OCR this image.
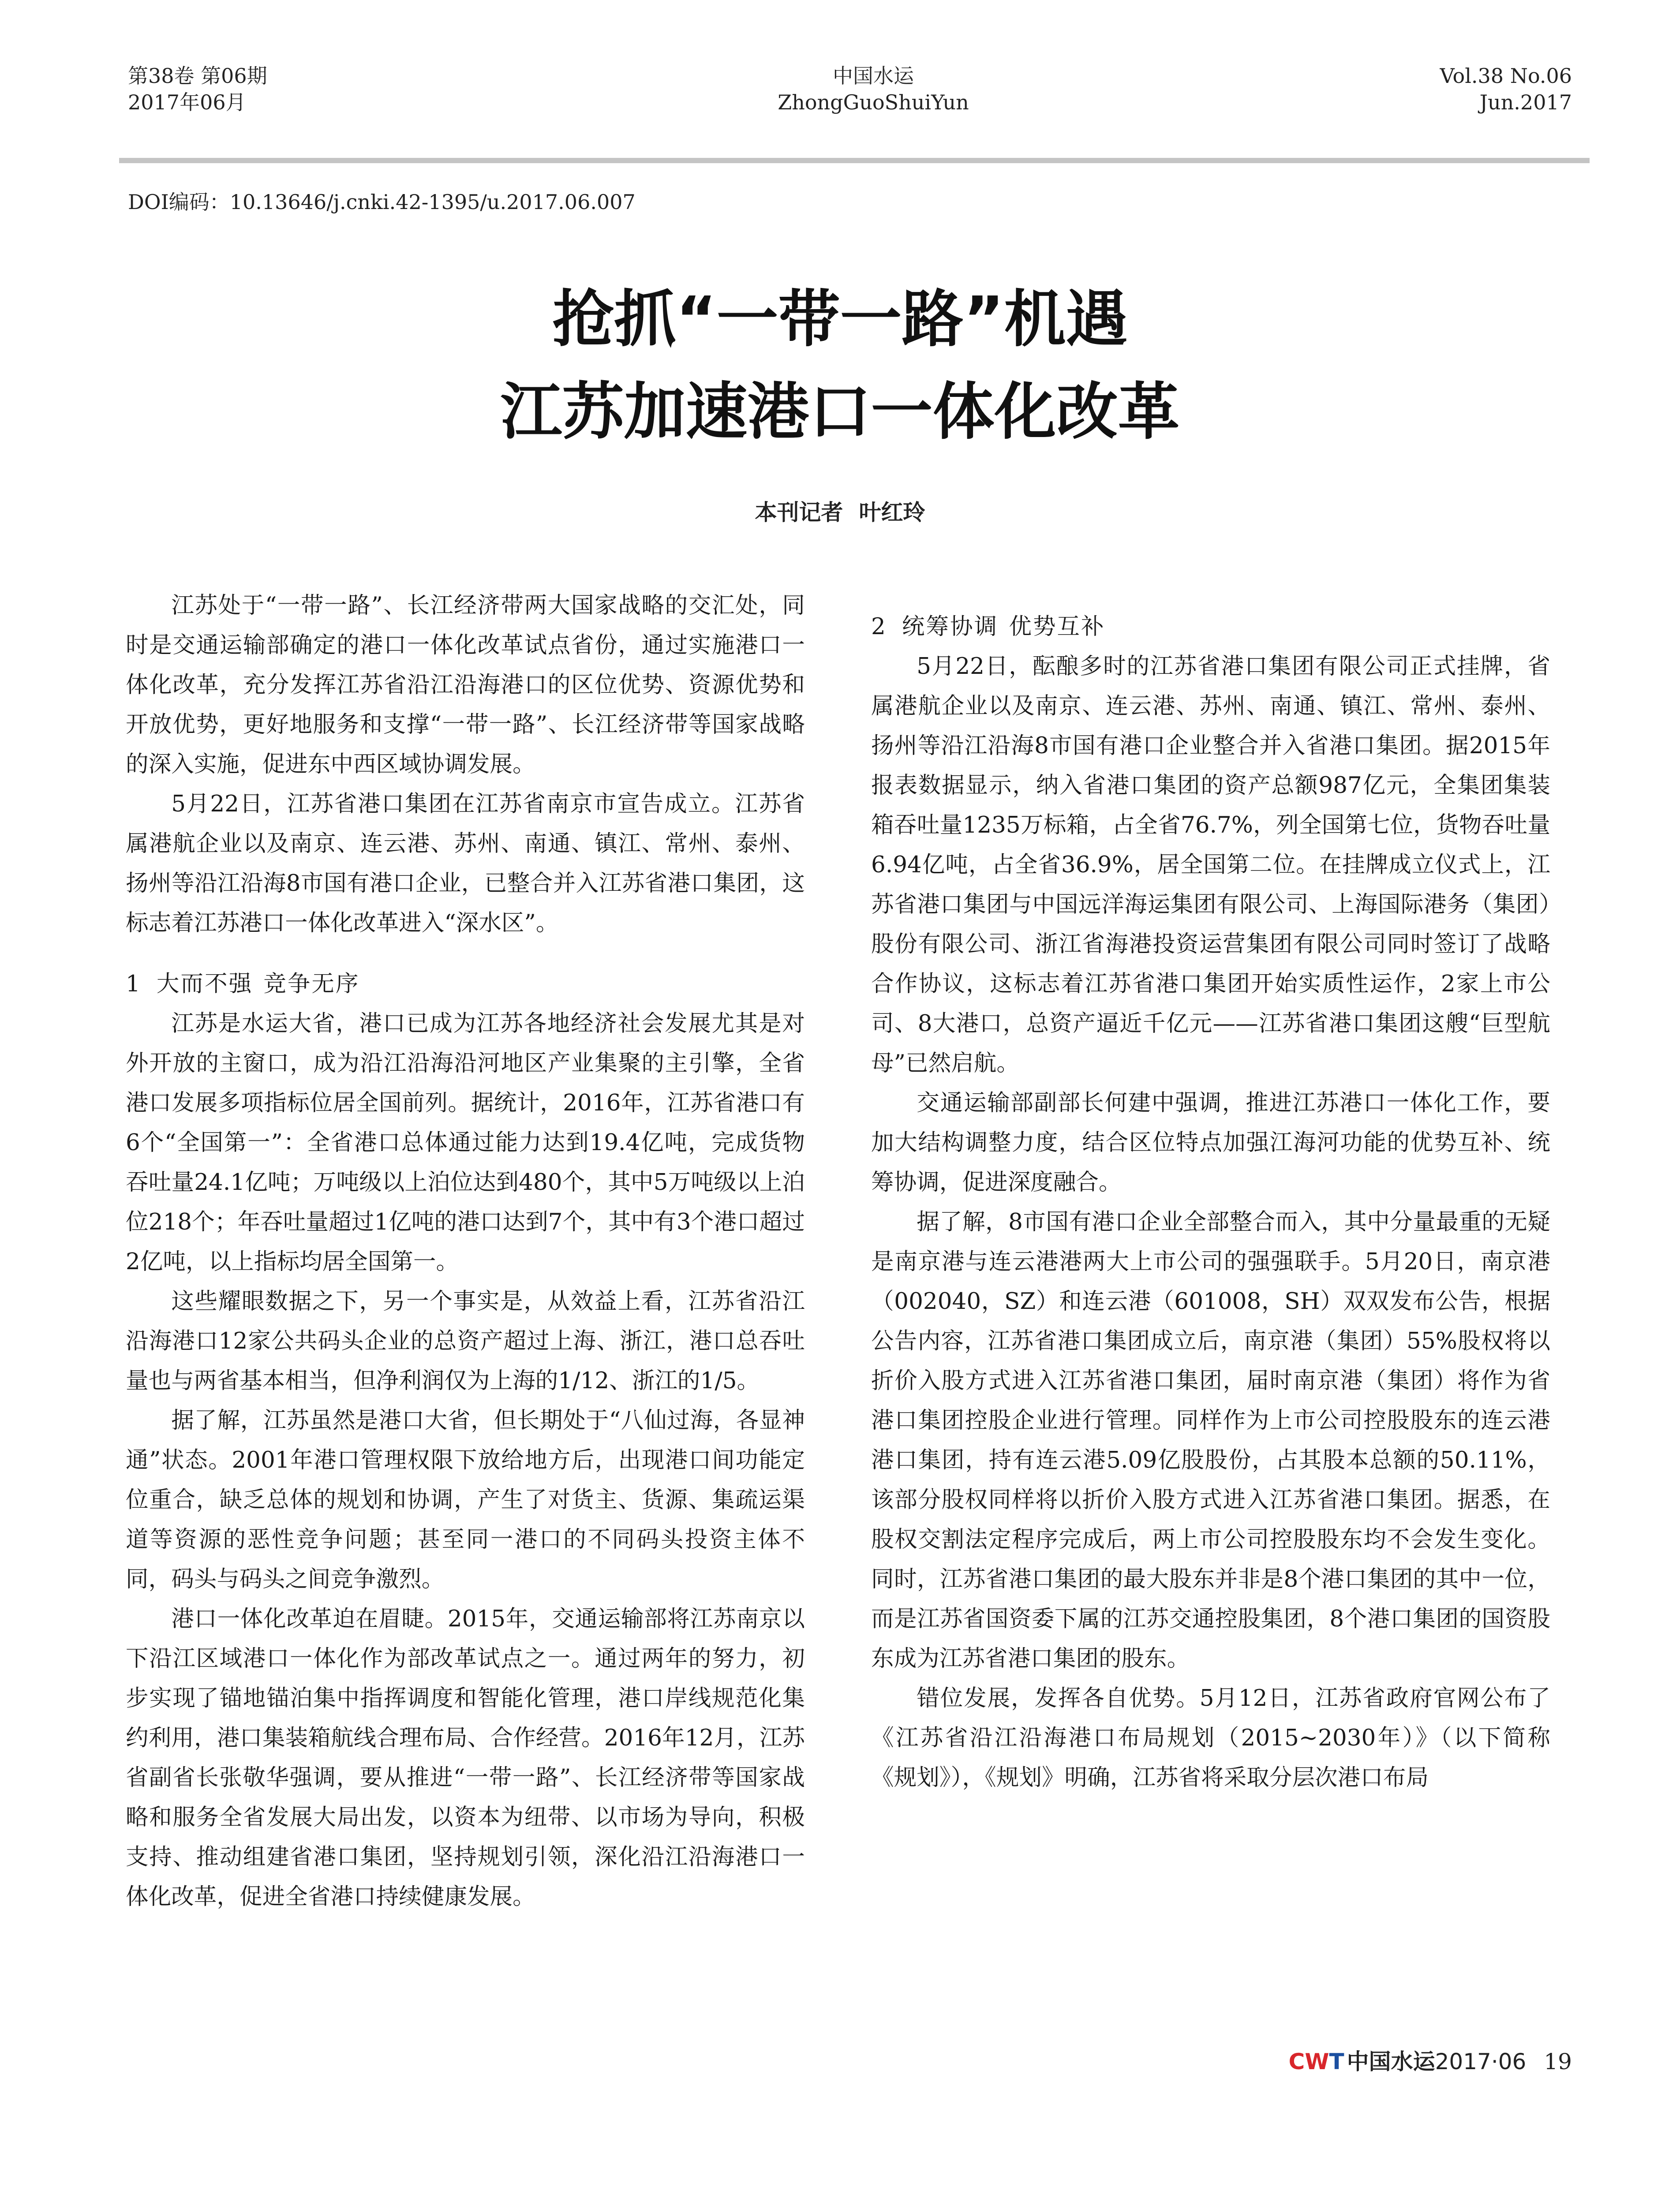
第38卷 第06期
2017年06月
中国水运
ZhongGuoShuiYun
Vol.38 No.06
Jun.2017
DOI编码：10.13646/j.cnki.42-1395/u.2017.06.007
抢抓“一带一路”机遇
江苏加速港口一体化改革
本刊记者 叶红玲

江苏处于“一带一路”、长江经济带两大国家战略的交汇处，同时是交通运输部确定的港口一体化改革试点省份，通过实施港口一体化改革，充分发挥江苏省沿江沿海港口的区位优势、资源优势和开放优势，更好地服务和支撑“一带一路”、长江经济带等国家战略的深入实施，促进东中西区域协调发展。

5月22日，江苏省港口集团在江苏省南京市宣告成立。江苏省属港航企业以及南京、连云港、苏州、南通、镇江、常州、泰州、扬州等沿江沿海8市国有港口企业，已整合并入江苏省港口集团，这标志着江苏港口一体化改革进入“深水区”。

1 大而不强 竞争无序

江苏是水运大省，港口已成为江苏各地经济社会发展尤其是对外开放的主窗口，成为沿江沿海沿河地区产业集聚的主引擎，全省港口发展多项指标位居全国前列。据统计，2016年，江苏省港口有6个“全国第一”：全省港口总体通过能力达到19.4亿吨，完成货物吞吐量24.1亿吨；万吨级以上泊位达到480个，其中5万吨级以上泊位218个；年吞吐量超过1亿吨的港口达到7个，其中有3个港口超过2亿吨，以上指标均居全国第一。

这些耀眼数据之下，另一个事实是，从效益上看，江苏省沿江沿海港口12家公共码头企业的总资产超过上海、浙江，港口总吞吐量也与两省基本相当，但净利润仅为上海的1/12、浙江的1/5。

据了解，江苏虽然是港口大省，但长期处于“八仙过海，各显神通”状态。2001年港口管理权限下放给地方后，出现港口间功能定位重合，缺乏总体的规划和协调，产生了对货主、货源、集疏运渠道等资源的恶性竞争问题；甚至同一港口的不同码头投资主体不同，码头与码头之间竞争激烈。

港口一体化改革迫在眉睫。2015年，交通运输部将江苏南京以下沿江区域港口一体化作为部改革试点之一。通过两年的努力，初步实现了锚地锚泊集中指挥调度和智能化管理，港口岸线规范化集约利用，港口集装箱航线合理布局、合作经营。2016年12月，江苏省副省长张敬华强调，要从推进“一带一路”、长江经济带等国家战略和服务全省发展大局出发，以资本为纽带、以市场为导向，积极支持、推动组建省港口集团，坚持规划引领，深化沿江沿海港口一体化改革，促进全省港口持续健康发展。

2 统筹协调 优势互补

5月22日，酝酿多时的江苏省港口集团有限公司正式挂牌，省属港航企业以及南京、连云港、苏州、南通、镇江、常州、泰州、扬州等沿江沿海8市国有港口企业整合并入省港口集团。据2015年报表数据显示，纳入省港口集团的资产总额987亿元，全集团集装箱吞吐量1235万标箱，占全省76.7%，列全国第七位，货物吞吐量6.94亿吨，占全省36.9%，居全国第二位。在挂牌成立仪式上，江苏省港口集团与中国远洋海运集团有限公司、上海国际港务（集团）股份有限公司、浙江省海港投资运营集团有限公司同时签订了战略合作协议，这标志着江苏省港口集团开始实质性运作，2家上市公司、8大港口，总资产逼近千亿元——江苏省港口集团这艘“巨型航母”已然启航。

交通运输部副部长何建中强调，推进江苏港口一体化工作，要加大结构调整力度，结合区位特点加强江海河功能的优势互补、统筹协调，促进深度融合。

据了解，8市国有港口企业全部整合而入，其中分量最重的无疑是南京港与连云港港两大上市公司的强强联手。5月20日，南京港（002040，SZ）和连云港（601008，SH）双双发布公告，根据公告内容，江苏省港口集团成立后，南京港（集团）55%股权将以折价入股方式进入江苏省港口集团，届时南京港（集团）将作为省港口集团控股企业进行管理。同样作为上市公司控股股东的连云港港口集团，持有连云港5.09亿股股份，占其股本总额的50.11%，该部分股权同样将以折价入股方式进入江苏省港口集团。据悉，在股权交割法定程序完成后，两上市公司控股股东均不会发生变化。同时，江苏省港口集团的最大股东并非是8个港口集团的其中一位，而是江苏省国资委下属的江苏交通控股集团，8个港口集团的国资股东成为江苏省港口集团的股东。

错位发展，发挥各自优势。5月12日，江苏省政府官网公布了《江苏省沿江沿海港口布局规划（2015~2030年）》（以下简称《规划》），《规划》明确，江苏省将采取分层次港口布局

CWT 中国水运2017·06 19
